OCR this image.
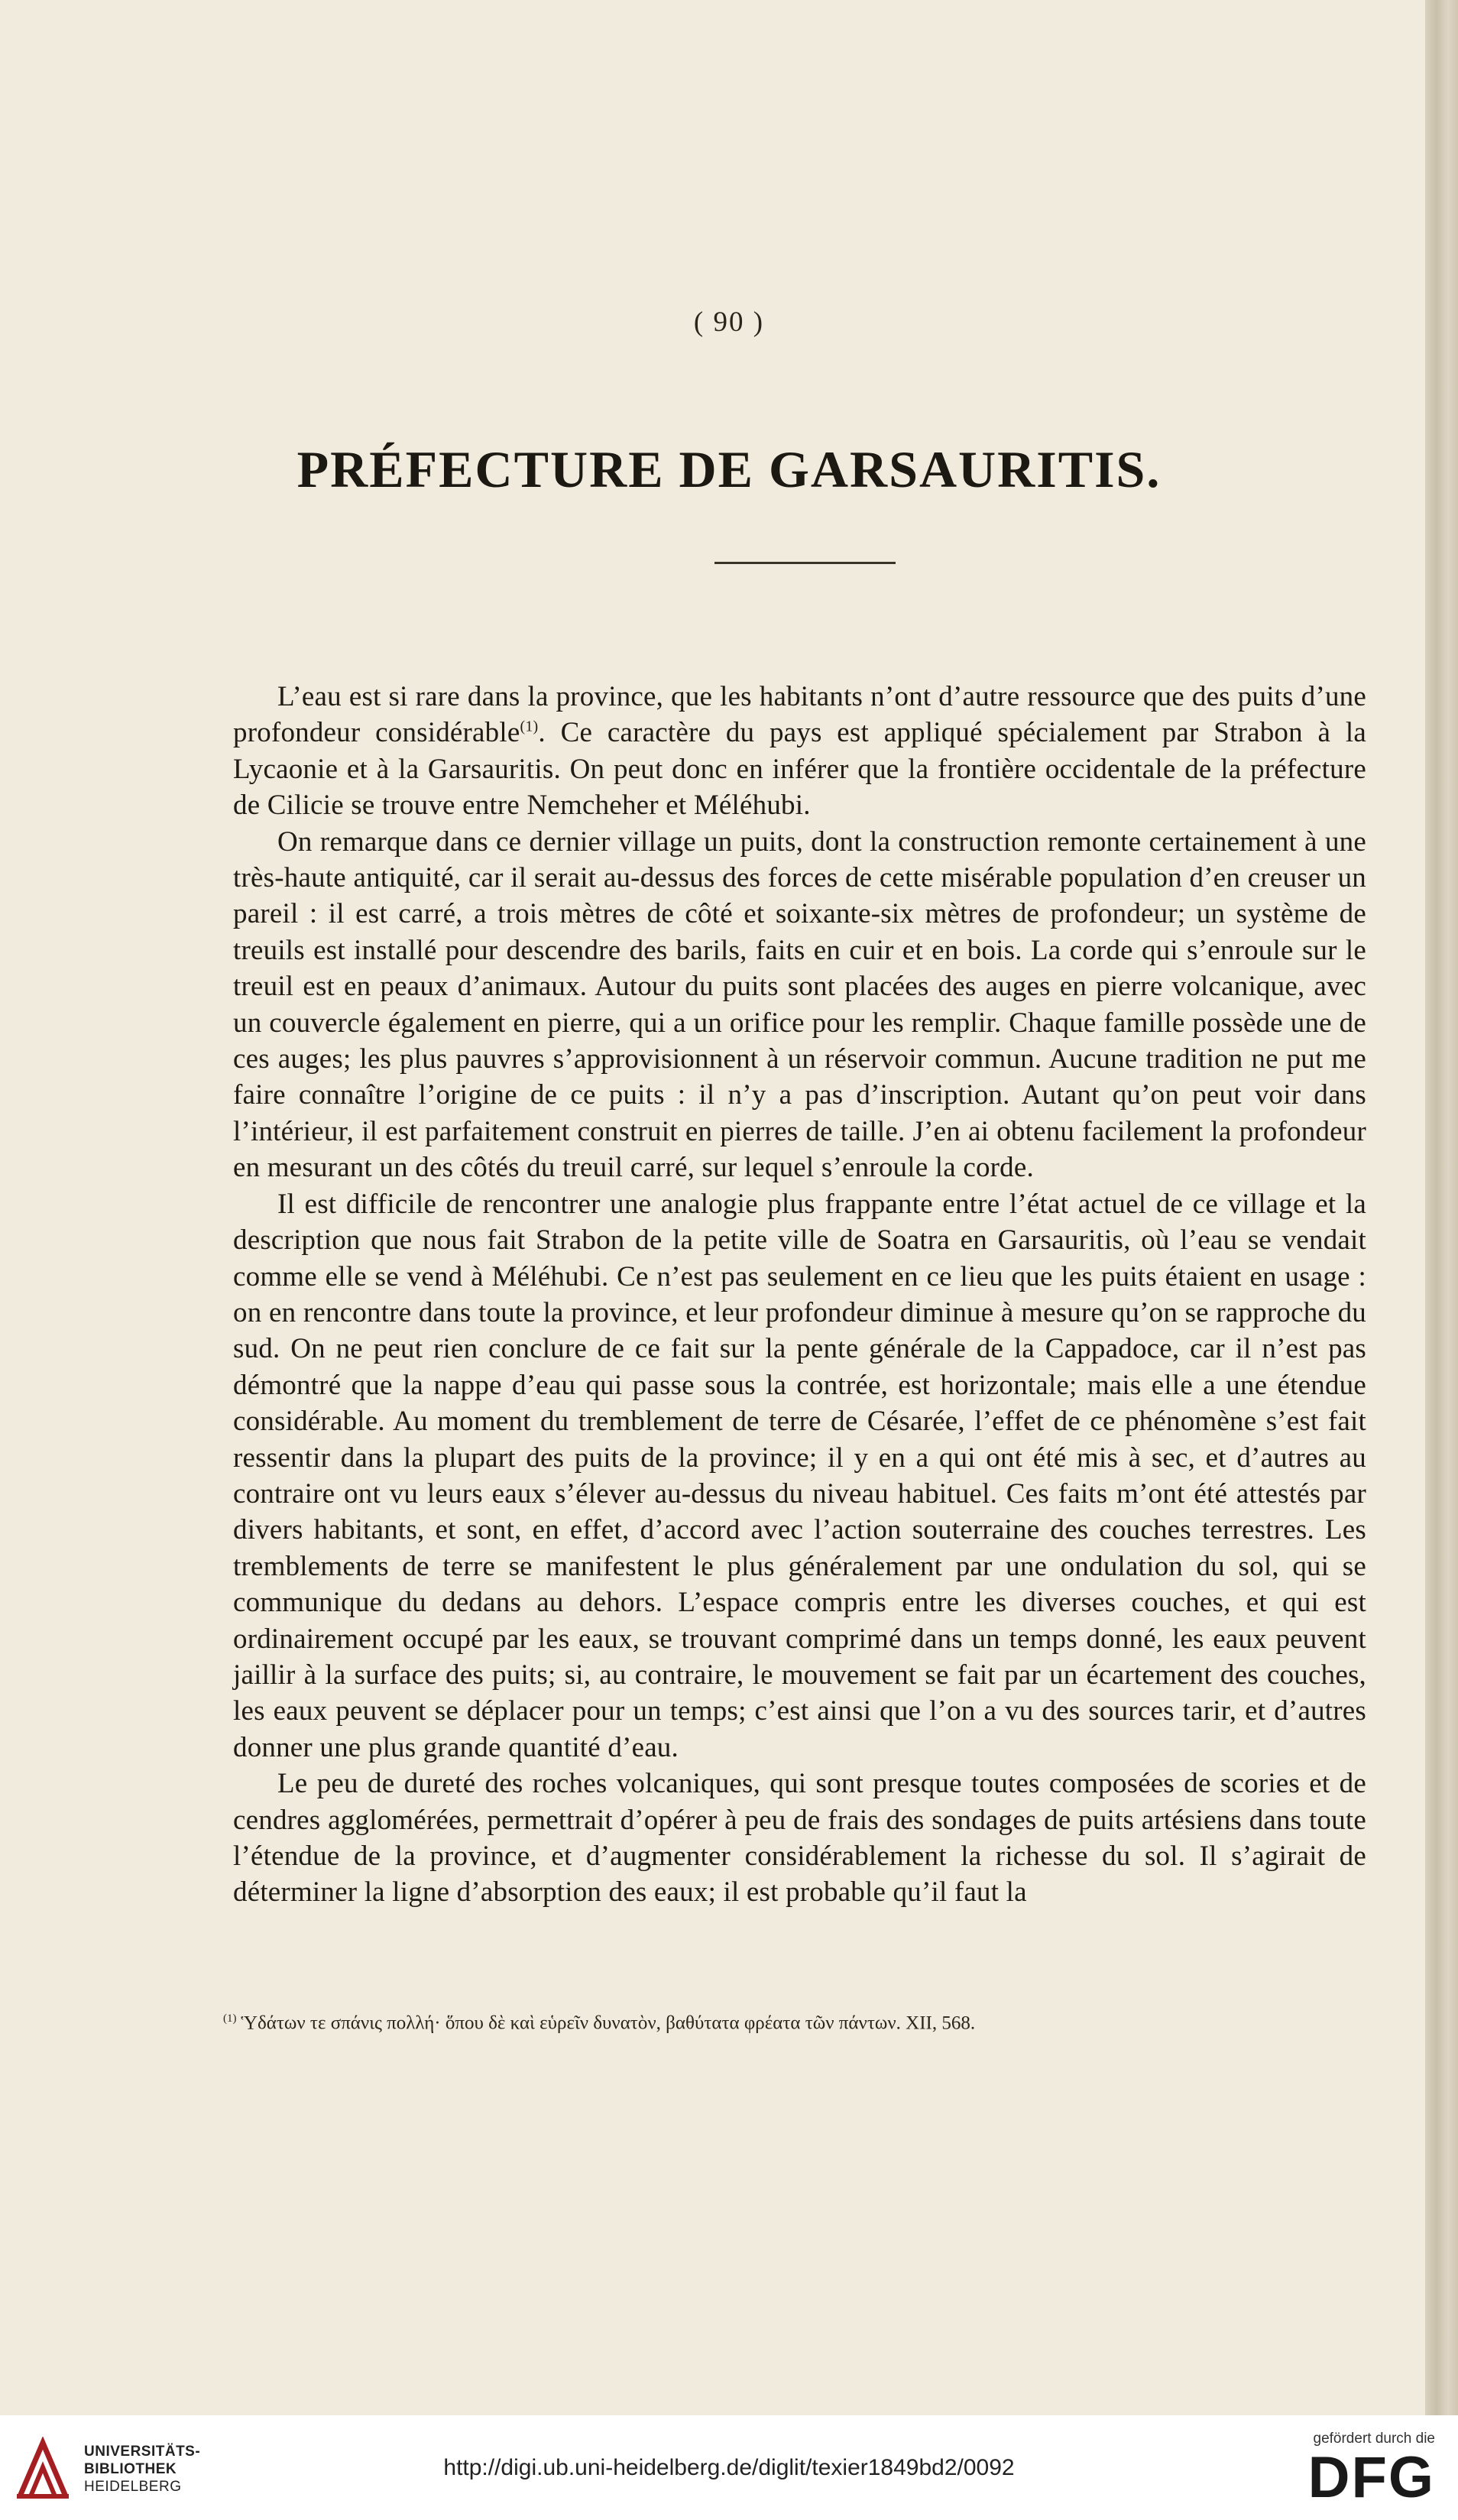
( 90 )
PRÉFECTURE DE GARSAURITIS.

L’eau est si rare dans la province, que les habitants n’ont d’autre ressource que des puits d’une profondeur considérable$^{(1)}$. Ce caractère du pays est appliqué spécialement par Strabon à la Lycaonie et à la Garsauritis. On peut donc en inférer que la frontière occidentale de la préfecture de Cilicie se trouve entre Nemcheher et Méléhubi.

On remarque dans ce dernier village un puits, dont la construction remonte certainement à une très-haute antiquité, car il serait au-dessus des forces de cette misérable population d’en creuser un pareil : il est carré, a trois mètres de côté et soixante-six mètres de profondeur; un système de treuils est installé pour descendre des barils, faits en cuir et en bois. La corde qui s’enroule sur le treuil est en peaux d’animaux. Autour du puits sont placées des auges en pierre volcanique, avec un couvercle également en pierre, qui a un orifice pour les remplir. Chaque famille possède une de ces auges; les plus pauvres s’approvisionnent à un réservoir commun. Aucune tradition ne put me faire connaître l’origine de ce puits : il n’y a pas d’inscription. Autant qu’on peut voir dans l’intérieur, il est parfaitement construit en pierres de taille. J’en ai obtenu facilement la profondeur en mesurant un des côtés du treuil carré, sur lequel s’enroule la corde.

Il est difficile de rencontrer une analogie plus frappante entre l’état actuel de ce village et la description que nous fait Strabon de la petite ville de Soatra en Garsauritis, où l’eau se vendait comme elle se vend à Méléhubi. Ce n’est pas seulement en ce lieu que les puits étaient en usage : on en rencontre dans toute la province, et leur profondeur diminue à mesure qu’on se rapproche du sud. On ne peut rien conclure de ce fait sur la pente générale de la Cappadoce, car il n’est pas démontré que la nappe d’eau qui passe sous la contrée, est horizontale; mais elle a une étendue considérable. Au moment du tremblement de terre de Césarée, l’effet de ce phénomène s’est fait ressentir dans la plupart des puits de la province; il y en a qui ont été mis à sec, et d’autres au contraire ont vu leurs eaux s’élever au-dessus du niveau habituel. Ces faits m’ont été attestés par divers habitants, et sont, en effet, d’accord avec l’action souterraine des couches terrestres. Les tremblements de terre se manifestent le plus généralement par une ondulation du sol, qui se communique du dedans au dehors. L’espace compris entre les diverses couches, et qui est ordinairement occupé par les eaux, se trouvant comprimé dans un temps donné, les eaux peuvent jaillir à la surface des puits; si, au contraire, le mouvement se fait par un écartement des couches, les eaux peuvent se déplacer pour un temps; c’est ainsi que l’on a vu des sources tarir, et d’autres donner une plus grande quantité d’eau.

Le peu de dureté des roches volcaniques, qui sont presque toutes composées de scories et de cendres agglomérées, permettrait d’opérer à peu de frais des sondages de puits artésiens dans toute l’étendue de la province, et d’augmenter considérablement la richesse du sol. Il s’agirait de déterminer la ligne d’absorption des eaux; il est probable qu’il faut la

$^{(1)}$ Ὑδάτων τε σπάνις πολλή· ὅπου δὲ καὶ εὑρεῖν δυνατὸν, βαθύτατα φρέατα τῶν πάντων. XII, 568.
UNIVERSITÄTS-
BIBLIOTHEK
HEIDELBERG
http://digi.ub.uni-heidelberg.de/diglit/texier1849bd2/0092
gefördert durch die
DFG
